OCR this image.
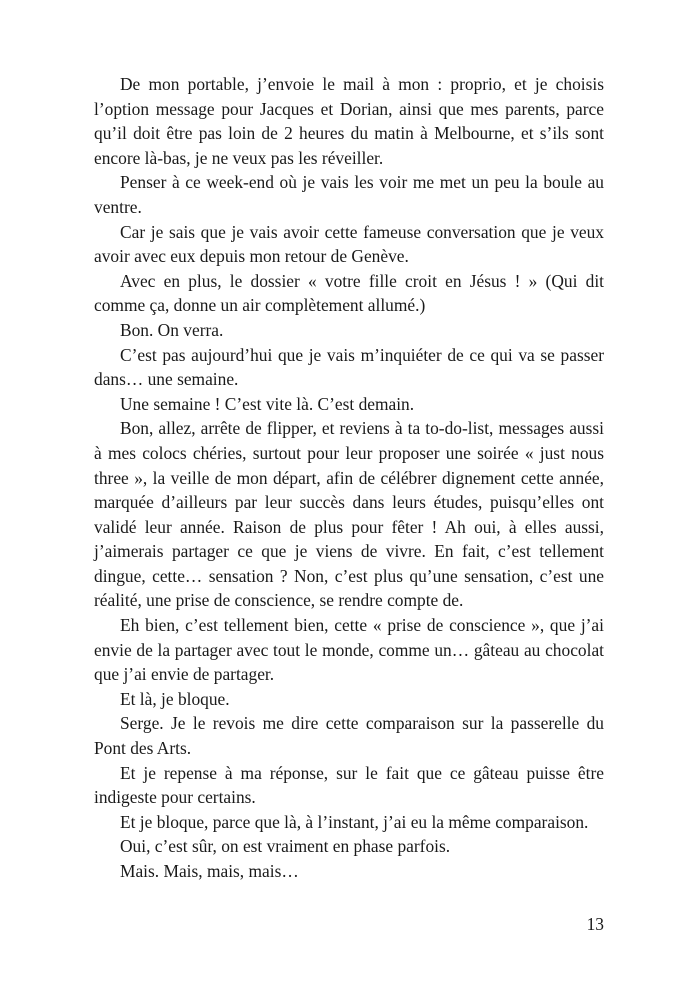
De mon portable, j’envoie le mail à mon : proprio, et je choisis l’option message pour Jacques et Dorian, ainsi que mes parents, parce qu’il doit être pas loin de 2 heures du matin à Melbourne, et s’ils sont encore là-bas, je ne veux pas les réveiller.

Penser à ce week-end où je vais les voir me met un peu la boule au ventre.

Car je sais que je vais avoir cette fameuse conversation que je veux avoir avec eux depuis mon retour de Genève.

Avec en plus, le dossier « votre fille croit en Jésus ! » (Qui dit comme ça, donne un air complètement allumé.)

Bon. On verra.

C’est pas aujourd’hui que je vais m’inquiéter de ce qui va se passer dans… une semaine.

Une semaine ! C’est vite là. C’est demain.

Bon, allez, arrête de flipper, et reviens à ta to-do-list, messages aussi à mes colocs chéries, surtout pour leur proposer une soirée « just nous three », la veille de mon départ, afin de célébrer dignement cette année, marquée d’ailleurs par leur succès dans leurs études, puisqu’elles ont validé leur année. Raison de plus pour fêter ! Ah oui, à elles aussi, j’aimerais partager ce que je viens de vivre. En fait, c’est tellement dingue, cette… sensation ? Non, c’est plus qu’une sensation, c’est une réalité, une prise de conscience, se rendre compte de.

Eh bien, c’est tellement bien, cette « prise de conscience », que j’ai envie de la partager avec tout le monde, comme un… gâteau au chocolat que j’ai envie de partager.

Et là, je bloque.

Serge. Je le revois me dire cette comparaison sur la passerelle du Pont des Arts.

Et je repense à ma réponse, sur le fait que ce gâteau puisse être indigeste pour certains.

Et je bloque, parce que là, à l’instant, j’ai eu la même comparaison.

Oui, c’est sûr, on est vraiment en phase parfois.

Mais. Mais, mais, mais…

13
